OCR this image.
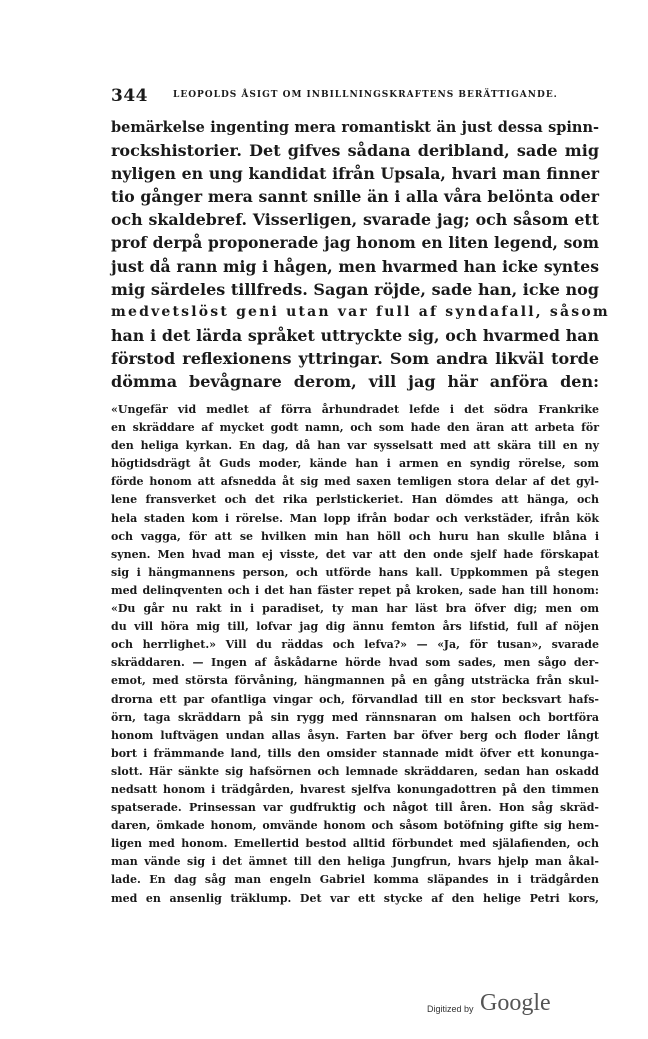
344	LEOPOLDS ÅSIGT OM INBILLNINGSKRAFTENS BERÄTTIGANDE.
bemärkelse ingenting mera romantiskt än just dessa spinn-
rockshistorier. Det gifves sådana deribland, sade mig
nyligen en ung kandidat ifrån Upsala, hvari man finner
tio gånger mera sannt snille än i alla våra belönta oder
och skaldebref. Visserligen, svarade jag; och såsom ett
prof derpå proponerade jag honom en liten legend, som
just då rann mig i hågen, men hvarmed han icke syntes
mig särdeles tillfreds. Sagan röjde, sade han, icke nog
medvetslöst geni utan var full af syndafall, såsom
han i det lärda språket uttryckte sig, och hvarmed han
förstod reflexionens yttringar. Som andra likväl torde
dömma bevågnare derom, vill jag här anföra den:
«Ungefär vid medlet af förra århundradet lefde i det södra Frankrike
en skräddare af mycket godt namn, och som hade den äran att arbeta för
den heliga kyrkan. En dag, då han var sysselsatt med att skära till en ny
högtidsdrägt åt Guds moder, kände han i armen en syndig rörelse, som
förde honom att afsnedda åt sig med saxen temligen stora delar af det gyl-
lene fransverket och det rika perlstickeriet. Han dömdes att hänga, och
hela staden kom i rörelse. Man lopp ifrån bodar och verkstäder, ifrån kök
och vagga, för att se hvilken min han höll och huru han skulle blåna i
synen. Men hvad man ej visste, det var att den onde sjelf hade förskapat
sig i hängmannens person, och utförde hans kall. Uppkommen på stegen
med delinqventen och i det han fäster repet på kroken, sade han till honom:
«Du går nu rakt in i paradiset, ty man har läst bra öfver dig; men om
du vill höra mig till, lofvar jag dig ännu femton års lifstid, full af nöjen
och herrlighet.» Vill du räddas och lefva?» — «Ja, för tusan», svarade
skräddaren. — Ingen af åskådarne hörde hvad som sades, men sågo der-
emot, med största förvåning, hängmannen på en gång utsträcka från skul-
drorna ett par ofantliga vingar och, förvandlad till en stor becksvart hafs-
örn, taga skräddarn på sin rygg med rännsnaran om halsen och bortföra
honom luftvägen undan allas åsyn. Farten bar öfver berg och floder långt
bort i främmande land, tills den omsider stannade midt öfver ett konunga-
slott. Här sänkte sig hafsörnen och lemnade skräddaren, sedan han oskadd
nedsatt honom i trädgården, hvarest sjelfva konungadottren på den timmen
spatserade. Prinsessan var gudfruktig och något till åren. Hon såg skräd-
daren, ömkade honom, omvände honom och såsom botöfning gifte sig hem-
ligen med honom. Emellertid bestod alltid förbundet med själafienden, och
man vände sig i det ämnet till den heliga Jungfrun, hvars hjelp man åkal-
lade. En dag såg man engeln Gabriel komma släpandes in i trädgården
med en ansenlig träklump. Det var ett stycke af den helige Petri kors,
Digitized by Google
